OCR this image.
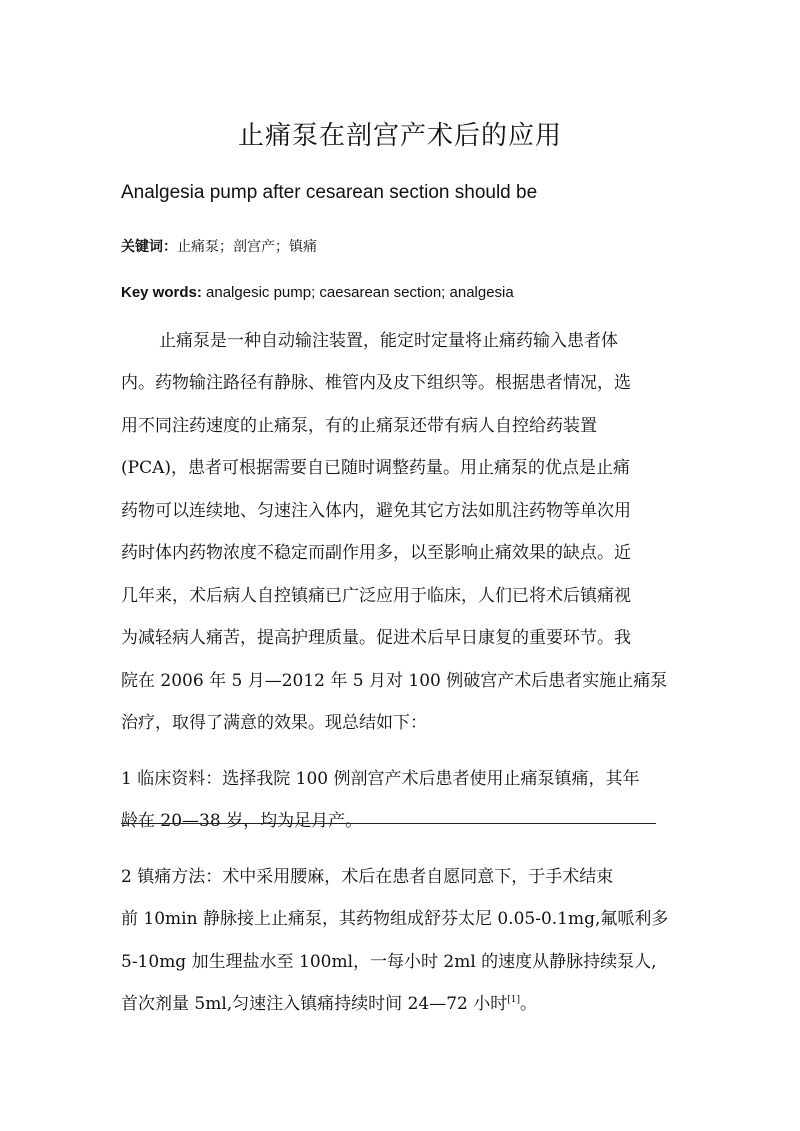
止痛泵在剖宫产术后的应用
Analgesia pump after cesarean section should be
关键词：止痛泵；剖宫产；镇痛
Key words: analgesic pump; caesarean section; analgesia
止痛泵是一种自动输注装置，能定时定量将止痛药输入患者体
内。药物输注路径有静脉、椎管内及皮下组织等。根据患者情况，选
用不同注药速度的止痛泵，有的止痛泵还带有病人自控给药装置
(PCA)，患者可根据需要自已随时调整药量。用止痛泵的优点是止痛
药物可以连续地、匀速注入体内，避免其它方法如肌注药物等单次用
药时体内药物浓度不稳定而副作用多，以至影响止痛效果的缺点。近
几年来，术后病人自控镇痛已广泛应用于临床，人们已将术后镇痛视
为减轻病人痛苦，提高护理质量。促进术后早日康复的重要环节。我
院在 2006 年 5 月—2012 年 5 月对 100 例破宫产术后患者实施止痛泵
治疗，取得了满意的效果。现总结如下：
1 临床资料：选择我院 100 例剖宫产术后患者使用止痛泵镇痛，其年
龄在 20—38 岁，均为足月产。
2 镇痛方法：术中采用腰麻，术后在患者自愿同意下，于手术结束
前 10min 静脉接上止痛泵，其药物组成舒芬太尼 0.05-0.1mg,氟哌利多
5-10mg 加生理盐水至 100ml，一每小时 2ml 的速度从静脉持续泵人,
首次剂量 5ml,匀速注入镇痛持续时间 24—72 小时[1]。
